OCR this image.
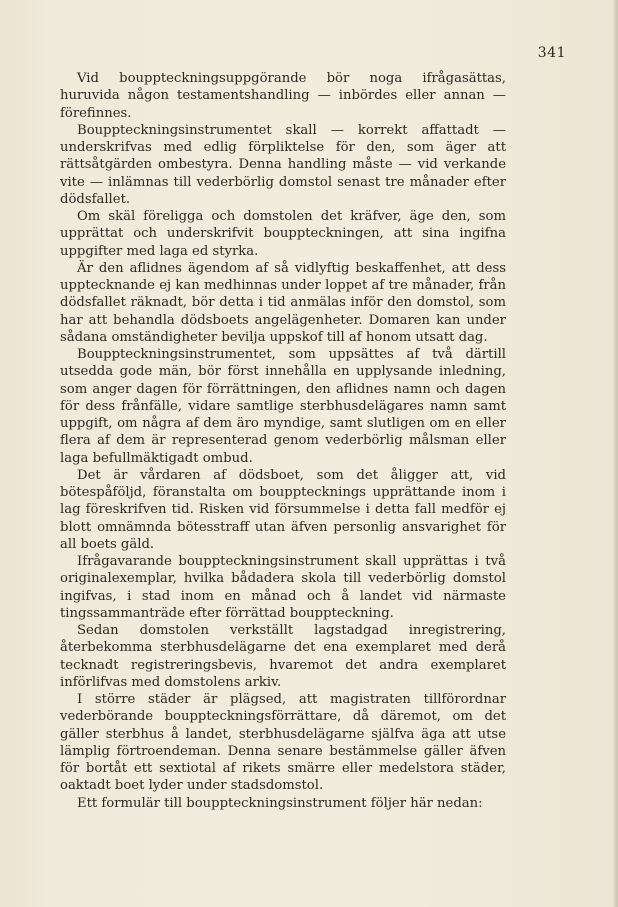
341

Vid bouppteckningsuppgörande bör noga ifrågasättas, huruvida någon testamentshandling — inbördes eller annan — förefinnes.

Bouppteckningsinstrumentet skall — korrekt affattadt — underskrifvas med edlig förpliktelse för den, som äger att rättsåtgärden ombestyra. Denna handling måste — vid verkande vite — inlämnas till vederbörlig domstol senast tre månader efter dödsfallet.

Om skäl föreligga och domstolen det kräfver, äge den, som upprättat och underskrifvit bouppteckningen, att sina ingifna uppgifter med laga ed styrka.

Är den aflidnes ägendom af så vidlyftig beskaffenhet, att dess upptecknande ej kan medhinnas under loppet af tre månader, från dödsfallet räknadt, bör detta i tid anmälas inför den domstol, som har att behandla dödsboets angelägenheter. Domaren kan under sådana omständigheter bevilja uppskof till af honom utsatt dag.

Bouppteckningsinstrumentet, som uppsättes af två därtill utsedda gode män, bör först innehålla en upplysande inledning, som anger dagen för förrättningen, den aflidnes namn och dagen för dess frånfälle, vidare samtlige sterbhusdelägares namn samt uppgift, om några af dem äro myndige, samt slutligen om en eller flera af dem är representerad genom vederbörlig målsman eller laga befullmäktigadt ombud.

Det är vårdaren af dödsboet, som det åligger att, vid bötespåföljd, föranstalta om boupptecknings upprättande inom i lag föreskrifven tid. Risken vid försummelse i detta fall medför ej blott omnämnda bötesstraff utan äfven personlig ansvarighet för all boets gäld.

Ifrågavarande bouppteckningsinstrument skall upprättas i två originalexemplar, hvilka bådadera skola till vederbörlig domstol ingifvas, i stad inom en månad och å landet vid närmaste tingssammanträde efter förrättad bouppteckning.

Sedan domstolen verkställt lagstadgad inregistrering, återbekomma sterbhusdelägarne det ena exemplaret med derå tecknadt registreringsbevis, hvaremot det andra exemplaret införlifvas med domstolens arkiv.

I större städer är plägsed, att magistraten tillförordnar vederbörande bouppteckningsförrättare, då däremot, om det gäller sterbhus å landet, sterbhusdelägarne själfva äga att utse lämplig förtroendeman. Denna senare bestämmelse gäller äfven för bortåt ett sextiotal af rikets smärre eller medelstora städer, oaktadt boet lyder under stadsdomstol.

Ett formulär till bouppteckningsinstrument följer här nedan:
